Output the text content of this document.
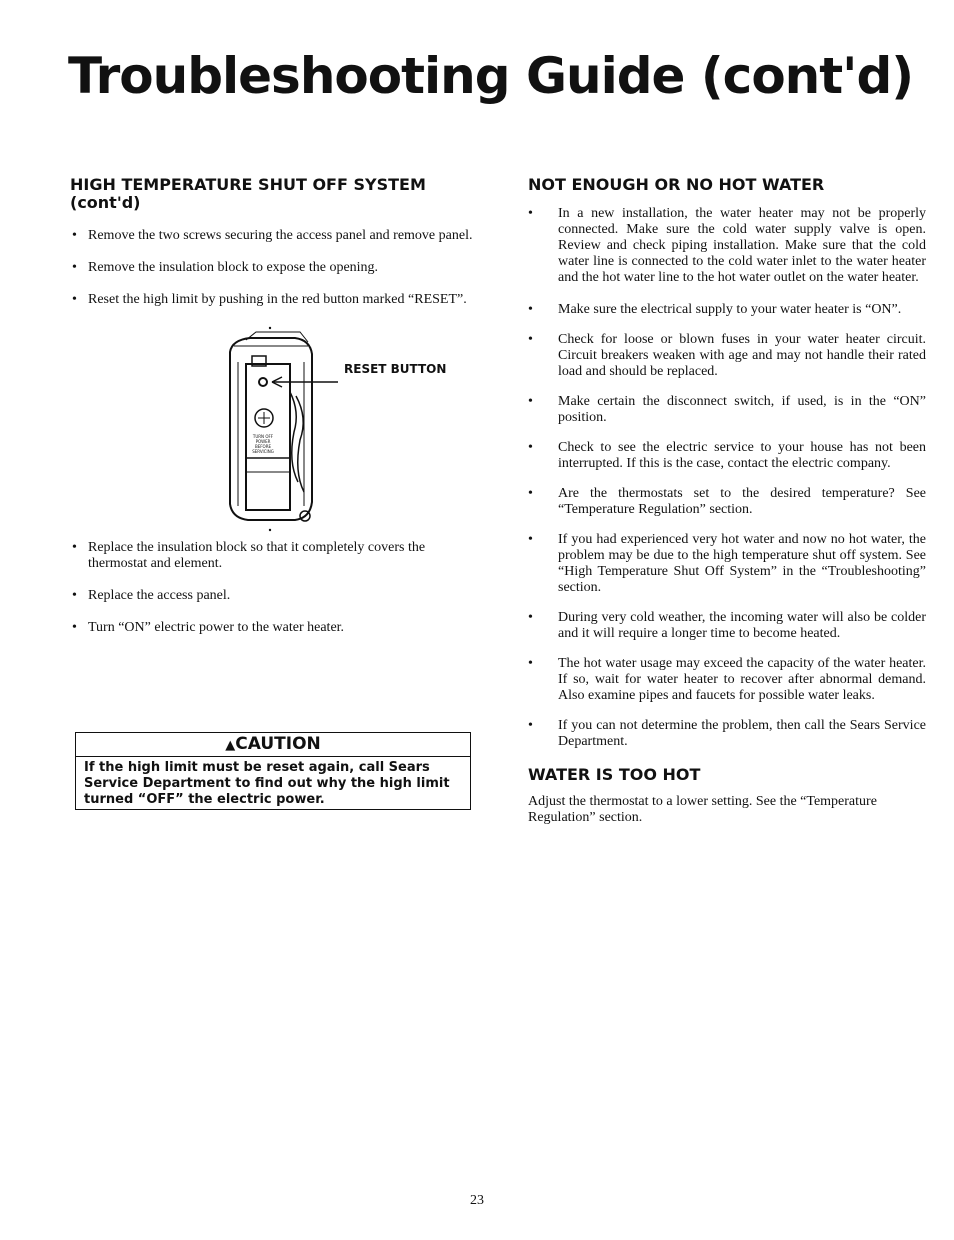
Troubleshooting Guide (cont'd)
HIGH TEMPERATURE SHUT OFF SYSTEM
(cont'd)
• Remove the two screws securing the access panel and remove panel.
• Remove the insulation block to expose the opening.
• Reset the high limit by pushing in the red button marked “RESET”.
TURN OFF
POWER
BEFORE
SERVICING
RESET BUTTON
• Replace the insulation block so that it completely covers the thermostat and element.
• Replace the access panel.
• Turn “ON” electric power to the water heater.
▲CAUTION
If the high limit must be reset again, call Sears Service Department to find out why the high limit turned “OFF” the electric power.
NOT ENOUGH OR NO HOT WATER
• In a new installation, the water heater may not be properly connected. Make sure the cold water supply valve is open. Review and check piping installation. Make sure that the cold water line is connected to the cold water inlet to the water heater and the hot water line to the hot water outlet on the water heater.
• Make sure the electrical supply to your water heater is “ON”.
• Check for loose or blown fuses in your water heater circuit. Circuit breakers weaken with age and may not handle their rated load and should be replaced.
• Make certain the disconnect switch, if used, is in the “ON” position.
• Check to see the electric service to your house has not been interrupted. If this is the case, contact the electric company.
• Are the thermostats set to the desired temperature? See “Temperature Regulation” section.
• If you had experienced very hot water and now no hot water, the problem may be due to the high temperature shut off system. See “High Temperature Shut Off System” in the “Troubleshooting” section.
• During very cold weather, the incoming water will also be colder and it will require a longer time to become heated.
• The hot water usage may exceed the capacity of the water heater. If so, wait for water heater to recover after abnormal demand. Also examine pipes and faucets for possible water leaks.
• If you can not determine the problem, then call the Sears Service Department.
WATER IS TOO HOT

Adjust the thermostat to a lower setting. See the “Temperature Regulation” section.

23
